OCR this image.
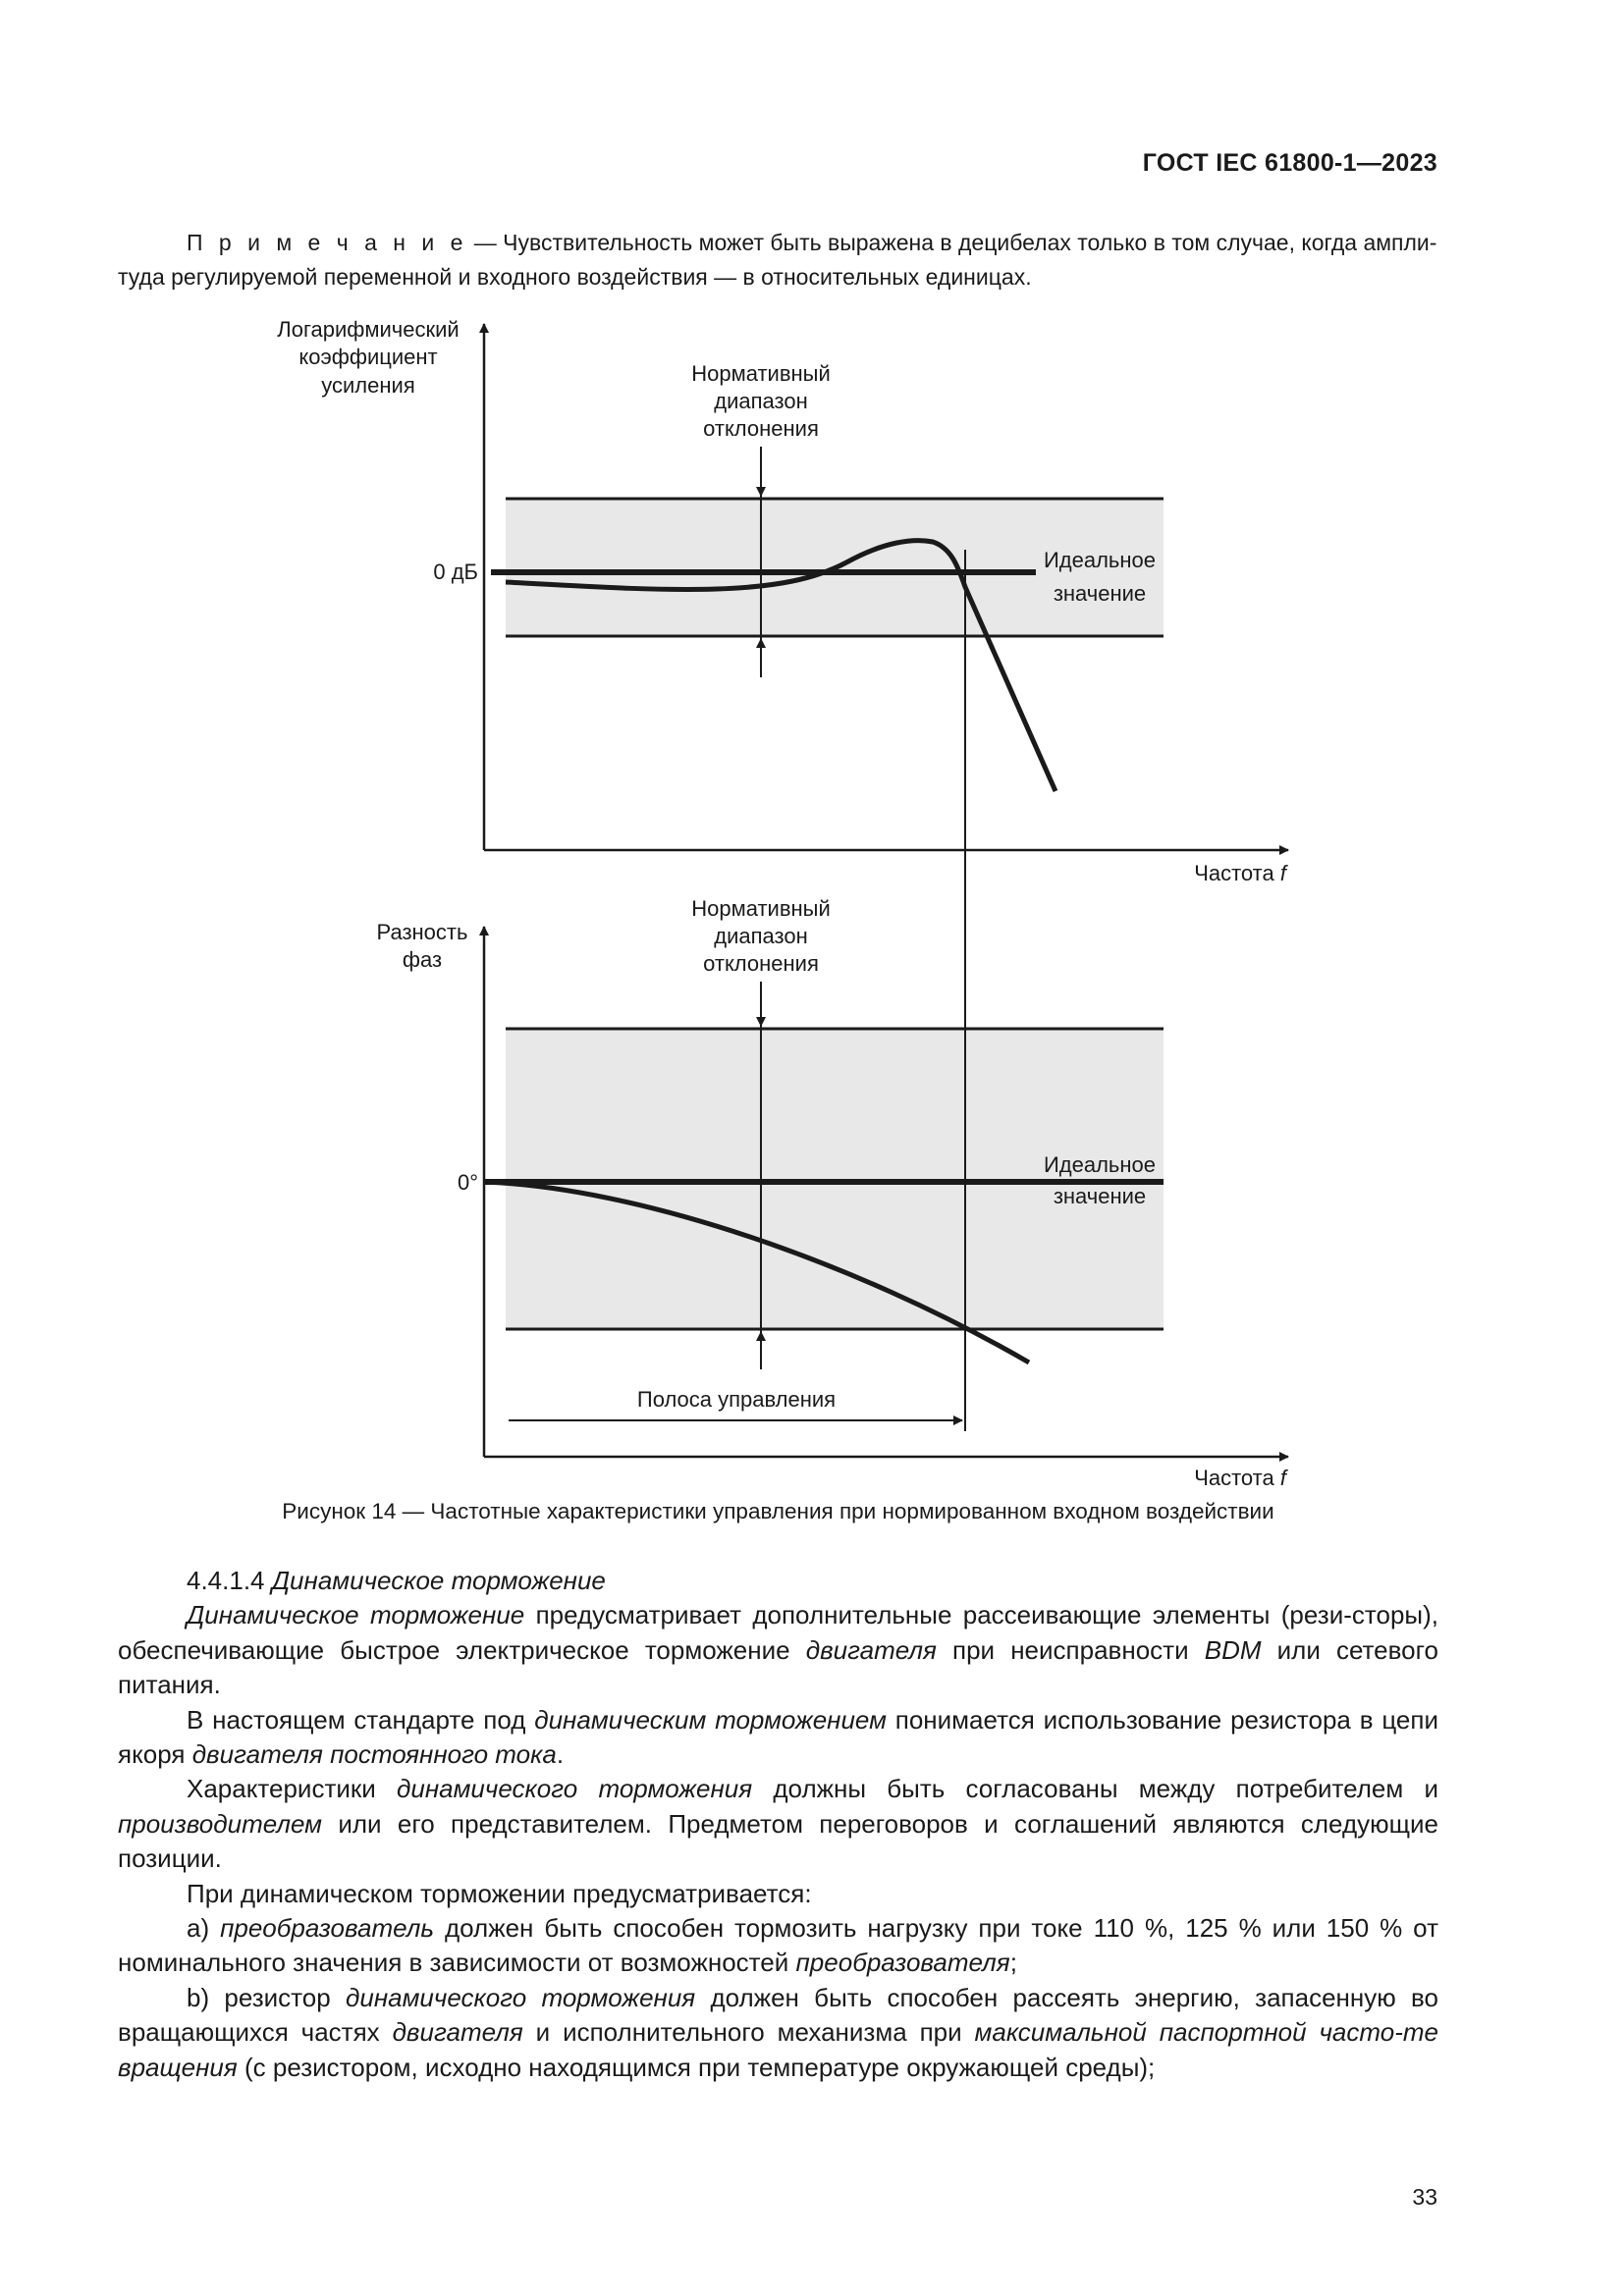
ГОСТ IEC 61800-1—2023
П р и м е ч а н и е — Чувствительность может быть выражена в децибелах только в том случае, когда ампли-туда регулируемой переменной и входного воздействия — в относительных единицах.
Логарифмический
коэффициент
усиления	Нормативный
диапазон
отклонения
0 дБ	Идеальное
значение
Частота f
Разность
фаз
Нормативный
диапазон
отклонения
0°
Идеальное
значение
Полоса управления
Частота f
Рисунок 14 — Частотные характеристики управления при нормированном входном воздействии

4.4.1.4 Динамическое торможение

Динамическое торможение предусматривает дополнительные рассеивающие элементы (рези-сторы), обеспечивающие быстрое электрическое торможение двигателя при неисправности BDM или сетевого питания.

В настоящем стандарте под динамическим торможением понимается использование резистора в цепи якоря двигателя постоянного тока.

Характеристики динамического торможения должны быть согласованы между потребителем и производителем или его представителем. Предметом переговоров и соглашений являются следующие позиции.

При динамическом торможении предусматривается:

a) преобразователь должен быть способен тормозить нагрузку при токе 110 %, 125 % или 150 % от номинального значения в зависимости от возможностей преобразователя;

b) резистор динамического торможения должен быть способен рассеять энергию, запасенную во вращающихся частях двигателя и исполнительного механизма при максимальной паспортной часто-те вращения (с резистором, исходно находящимся при температуре окружающей среды);

33
